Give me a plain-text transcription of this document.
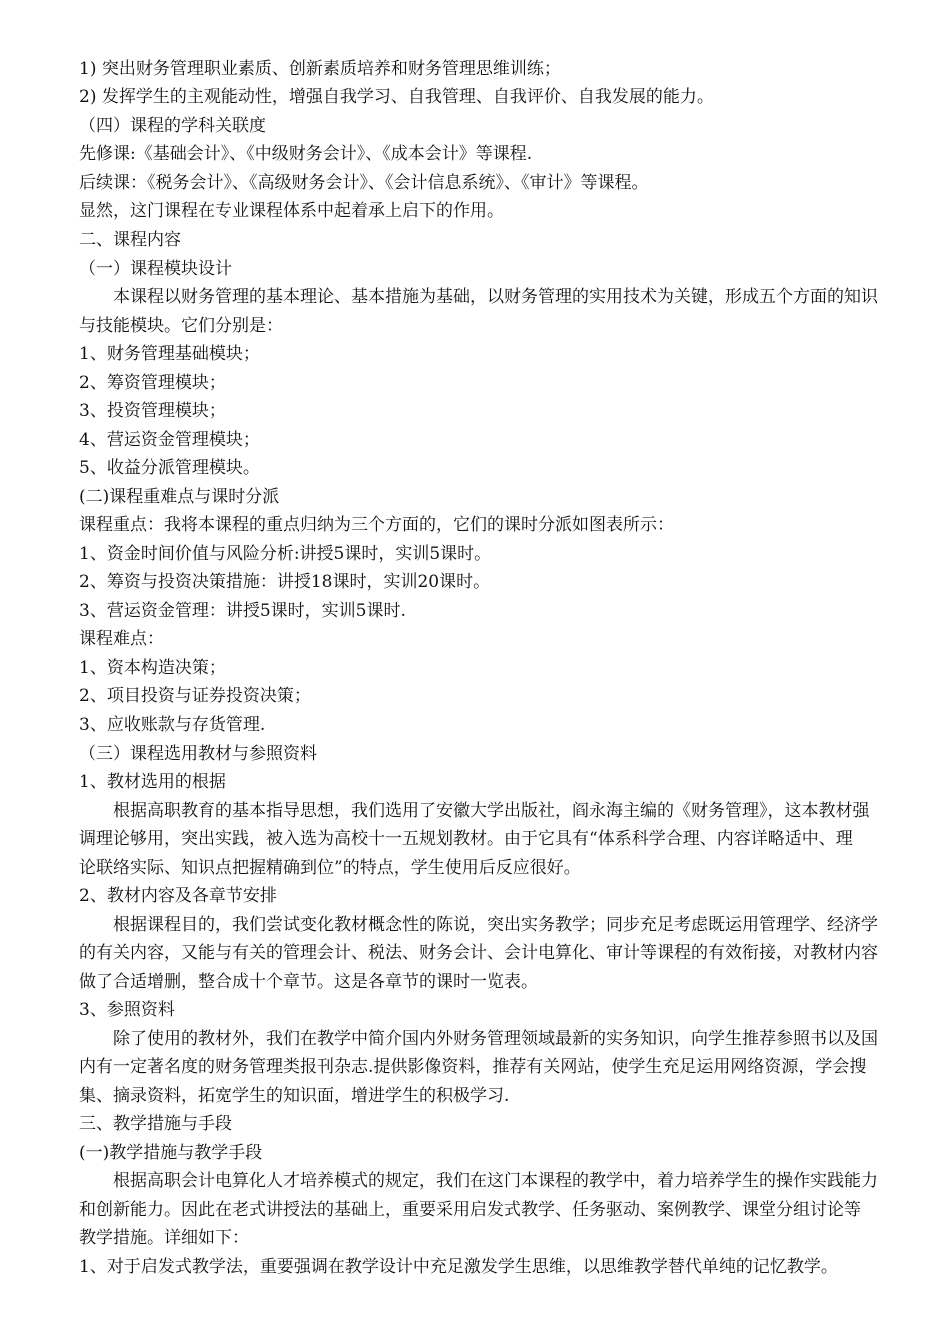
1) 突出财务管理职业素质、创新素质培养和财务管理思维训练；
2) 发挥学生的主观能动性，增强自我学习、自我管理、自我评价、自我发展的能力。
（四）课程的学科关联度
先修课:《基础会计》、《中级财务会计》、《成本会计》等课程.
后续课：《税务会计》、《高级财务会计》、《会计信息系统》、《审计》等课程。
显然，这门课程在专业课程体系中起着承上启下的作用。
二、课程内容
（一）课程模块设计
　　本课程以财务管理的基本理论、基本措施为基础，以财务管理的实用技术为关键，形成五个方面的知识
与技能模块。它们分别是：
1、财务管理基础模块；
2、筹资管理模块；
3、投资管理模块；
4、营运资金管理模块；
5、收益分派管理模块。
(二)课程重难点与课时分派
课程重点：我将本课程的重点归纳为三个方面的，它们的课时分派如图表所示：
1、资金时间价值与风险分析:讲授5课时，实训5课时。
2、筹资与投资决策措施：讲授18课时，实训20课时。
3、营运资金管理：讲授5课时，实训5课时.
课程难点：
1、资本构造决策；
2、项目投资与证券投资决策；
3、应收账款与存货管理.
（三）课程选用教材与参照资料
1、教材选用的根据
　　根据高职教育的基本指导思想，我们选用了安徽大学出版社，阎永海主编的《财务管理》，这本教材强
调理论够用，突出实践，被入选为高校十一五规划教材。由于它具有“体系科学合理、内容详略适中、理
论联络实际、知识点把握精确到位”的特点，学生使用后反应很好。
2、教材内容及各章节安排
　　根据课程目的，我们尝试变化教材概念性的陈说，突出实务教学；同步充足考虑既运用管理学、经济学
的有关内容，又能与有关的管理会计、税法、财务会计、会计电算化、审计等课程的有效衔接，对教材内容
做了合适增删，整合成十个章节。这是各章节的课时一览表。
3、参照资料
　　除了使用的教材外，我们在教学中简介国内外财务管理领域最新的实务知识，向学生推荐参照书以及国
内有一定著名度的财务管理类报刊杂志.提供影像资料，推荐有关网站，使学生充足运用网络资源，学会搜
集、摘录资料，拓宽学生的知识面，增进学生的积极学习.
三、教学措施与手段
(一)教学措施与教学手段
　　根据高职会计电算化人才培养模式的规定，我们在这门本课程的教学中，着力培养学生的操作实践能力
和创新能力。因此在老式讲授法的基础上，重要采用启发式教学、任务驱动、案例教学、课堂分组讨论等
教学措施。详细如下：
1、对于启发式教学法，重要强调在教学设计中充足激发学生思维，以思维教学替代单纯的记忆教学。
